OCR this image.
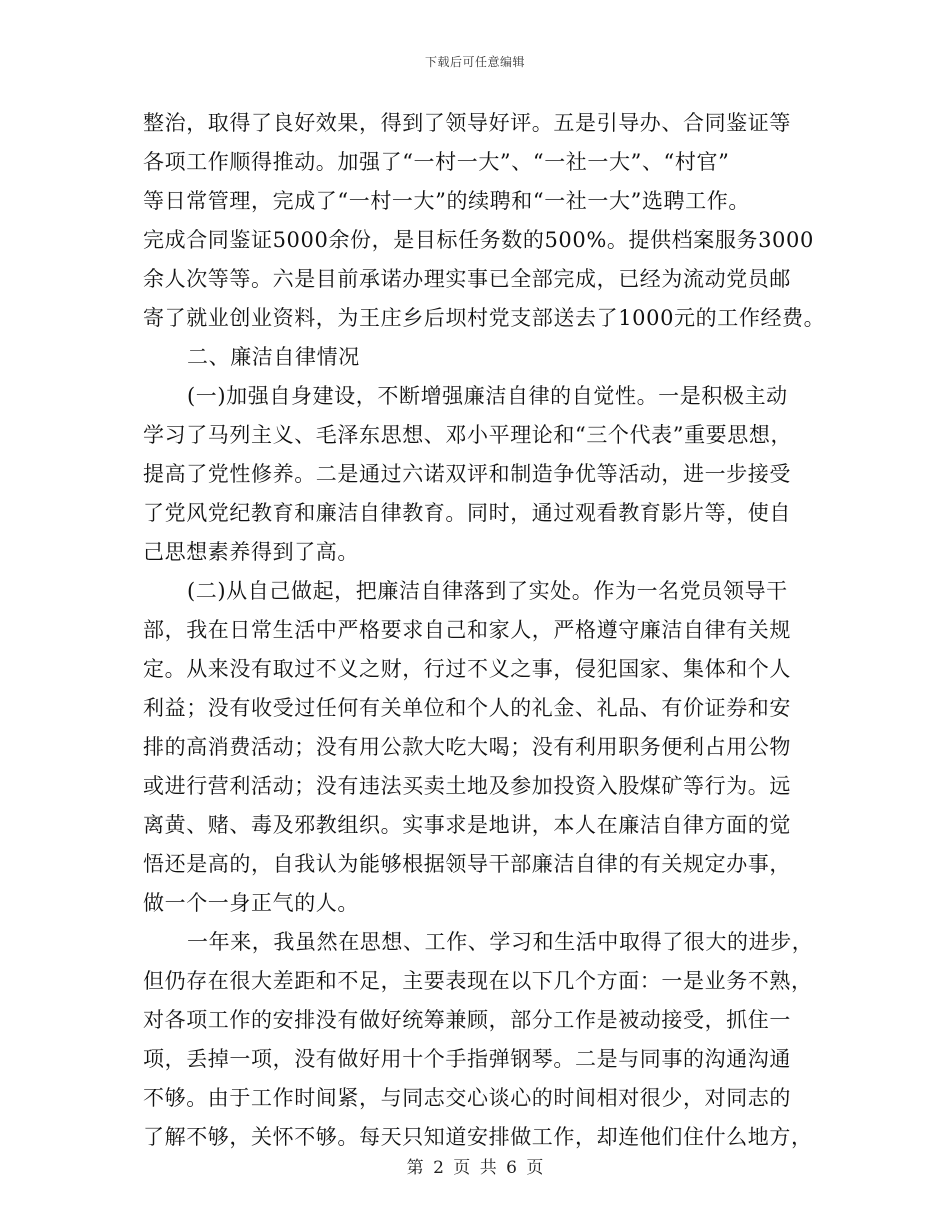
下载后可任意编辑
整治，取得了良好效果，得到了领导好评。五是引导办、合同鉴证等
各项工作顺得推动。加强了“一村一大”、“一社一大”、“村官”
等日常管理，完成了“一村一大”的续聘和“一社一大”选聘工作。
完成合同鉴证5000余份，是目标任务数的500%。提供档案服务3000
余人次等等。六是目前承诺办理实事已全部完成，已经为流动党员邮
寄了就业创业资料，为王庄乡后坝村党支部送去了1000元的工作经费。
二、廉洁自律情况
(一)加强自身建设，不断增强廉洁自律的自觉性。一是积极主动
学习了马列主义、毛泽东思想、邓小平理论和“三个代表”重要思想，
提高了党性修养。二是通过六诺双评和制造争优等活动，进一步接受
了党风党纪教育和廉洁自律教育。同时，通过观看教育影片等，使自
己思想素养得到了高。
(二)从自己做起，把廉洁自律落到了实处。作为一名党员领导干
部，我在日常生活中严格要求自己和家人，严格遵守廉洁自律有关规
定。从来没有取过不义之财，行过不义之事，侵犯国家、集体和个人
利益；没有收受过任何有关单位和个人的礼金、礼品、有价证券和安
排的高消费活动；没有用公款大吃大喝；没有利用职务便利占用公物
或进行营利活动；没有违法买卖土地及参加投资入股煤矿等行为。远
离黄、赌、毒及邪教组织。实事求是地讲，本人在廉洁自律方面的觉
悟还是高的，自我认为能够根据领导干部廉洁自律的有关规定办事，
做一个一身正气的人。
一年来，我虽然在思想、工作、学习和生活中取得了很大的进步，
但仍存在很大差距和不足，主要表现在以下几个方面：一是业务不熟，
对各项工作的安排没有做好统筹兼顾，部分工作是被动接受，抓住一
项，丢掉一项，没有做好用十个手指弹钢琴。二是与同事的沟通沟通
不够。由于工作时间紧，与同志交心谈心的时间相对很少，对同志的
了解不够，关怀不够。每天只知道安排做工作，却连他们住什么地方，
第 2 页 共 6 页
